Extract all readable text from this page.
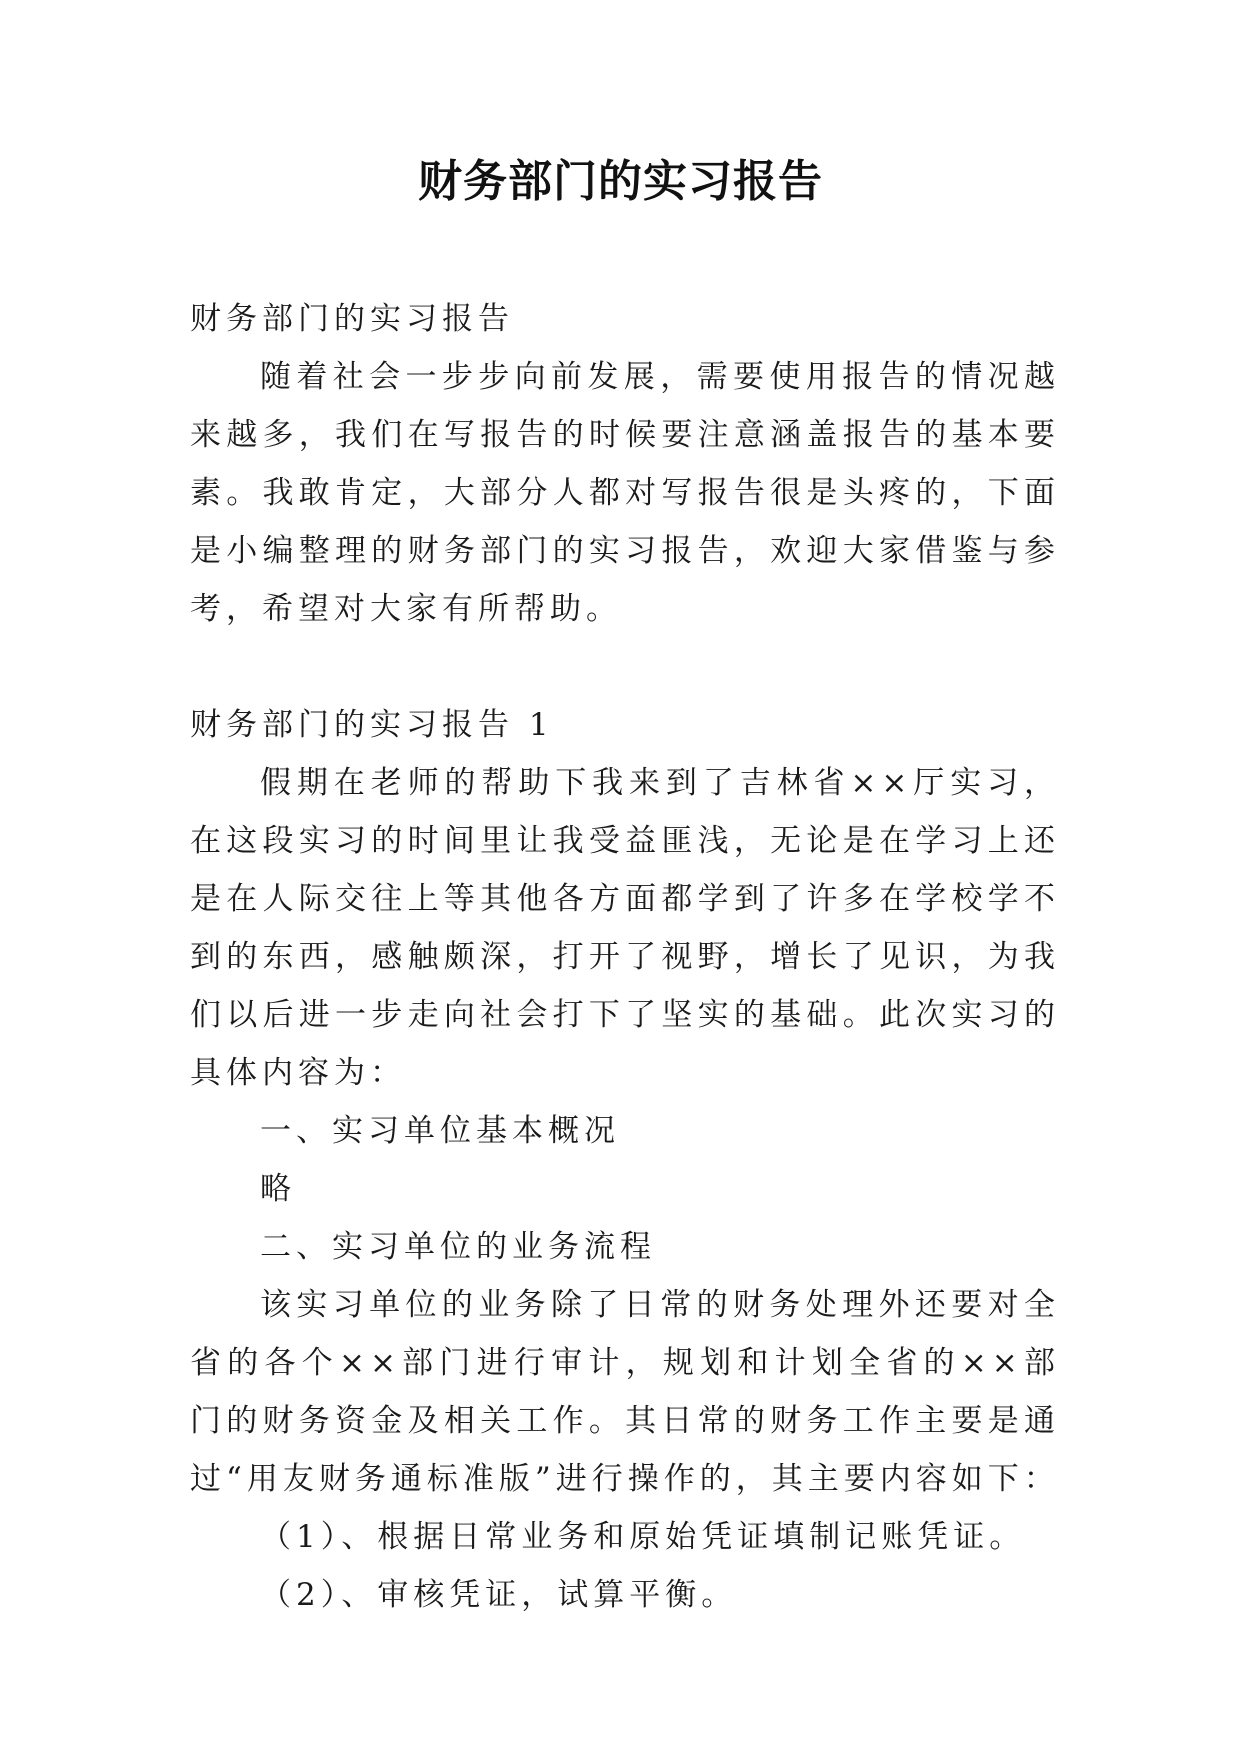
财务部门的实习报告

财务部门的实习报告

随着社会一步步向前发展，需要使用报告的情况越来越多，我们在写报告的时候要注意涵盖报告的基本要素。我敢肯定，大部分人都对写报告很是头疼的，下面是小编整理的财务部门的实习报告，欢迎大家借鉴与参考，希望对大家有所帮助。

财务部门的实习报告 1

假期在老师的帮助下我来到了吉林省××厅实习，在这段实习的时间里让我受益匪浅，无论是在学习上还是在人际交往上等其他各方面都学到了许多在学校学不到的东西，感触颇深，打开了视野，增长了见识，为我们以后进一步走向社会打下了坚实的基础。此次实习的具体内容为：

一、实习单位基本概况

略

二、实习单位的业务流程

该实习单位的业务除了日常的财务处理外还要对全省的各个××部门进行审计，规划和计划全省的××部门的财务资金及相关工作。其日常的财务工作主要是通过“用友财务通标准版”进行操作的，其主要内容如下：

（1）、根据日常业务和原始凭证填制记账凭证。

（2）、审核凭证，试算平衡。
